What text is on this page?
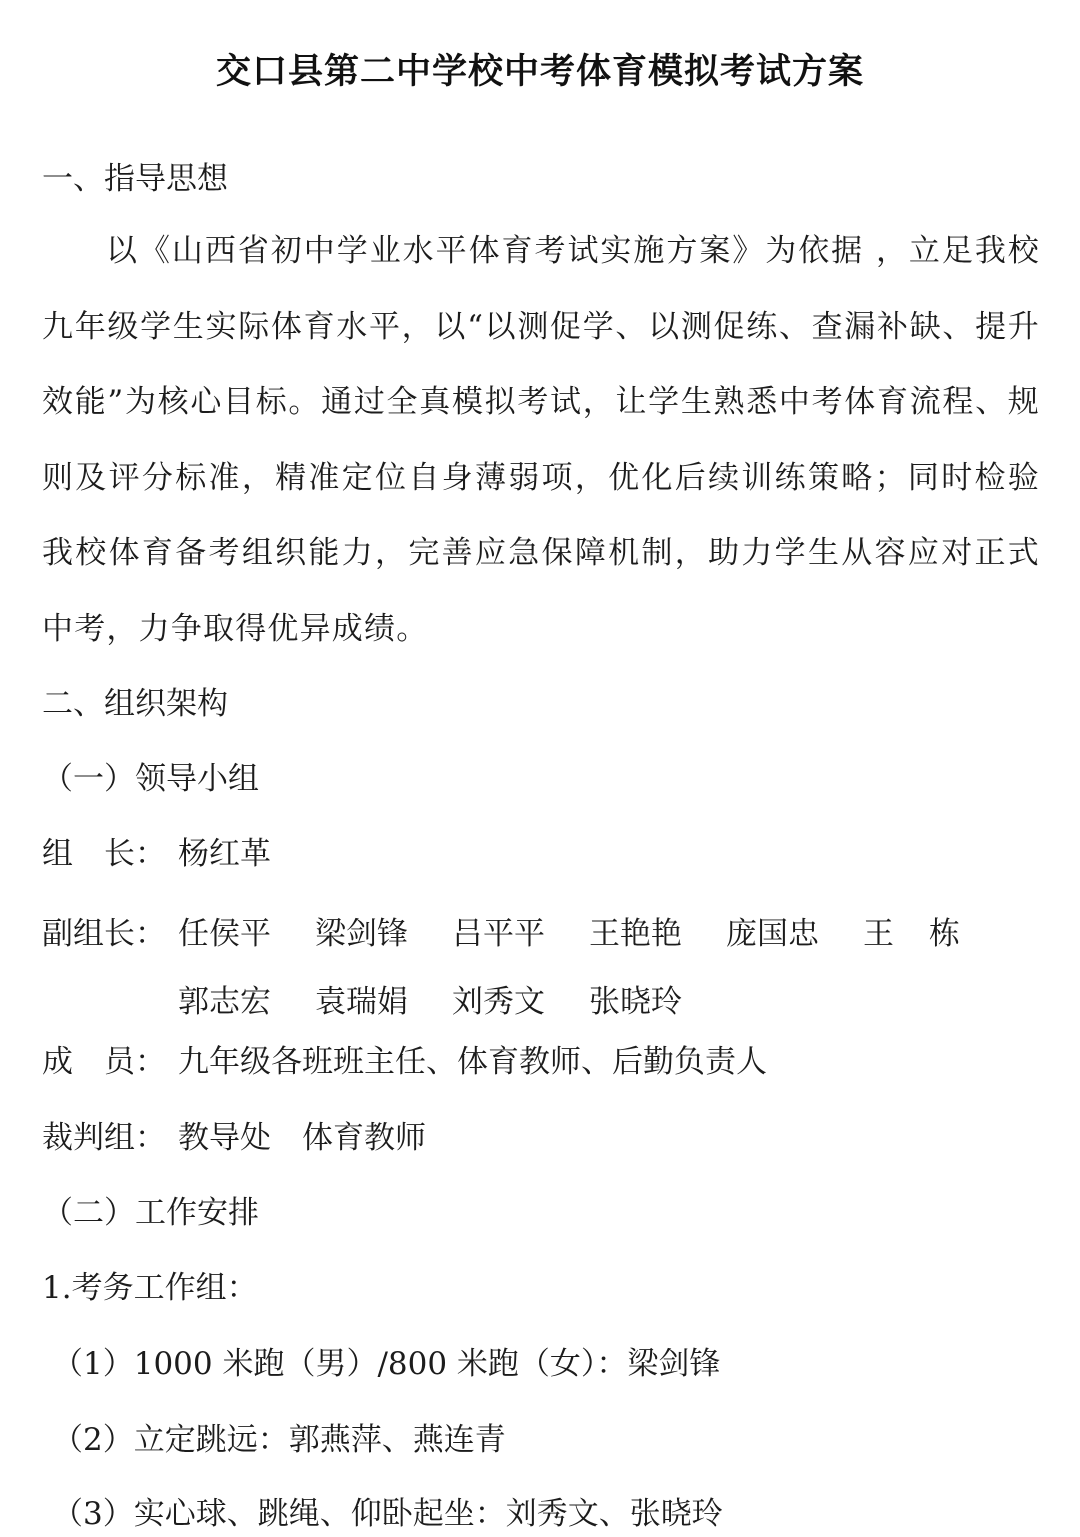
交口县第二中学校中考体育模拟考试方案
一、指导思想
以《山西省初中学业水平体育考试实施方案》为依据 ，立足我校九年级学生实际体育水平，以“以测促学、以测促练、查漏补缺、提升效能”为核心目标。通过全真模拟考试，让学生熟悉中考体育流程、规则及评分标准，精准定位自身薄弱项，优化后续训练策略；同时检验我校体育备考组织能力，完善应急保障机制，助力学生从容应对正式中考，力争取得优异成绩。
二、组织架构
（一）领导小组
组　长： 杨红革
副组长： 任侯平 梁剑锋 吕平平 王艳艳 庞国忠 王 栋
郭志宏 袁瑞娟 刘秀文 张晓玲
成　员： 九年级各班班主任、体育教师、后勤负责人
裁判组： 教导处　体育教师
（二）工作安排
1.考务工作组：
（1）1000 米跑（男）/800 米跑（女）：梁剑锋
（2）立定跳远：郭燕萍、燕连青
（3）实心球、跳绳、仰卧起坐：刘秀文、张晓玲
